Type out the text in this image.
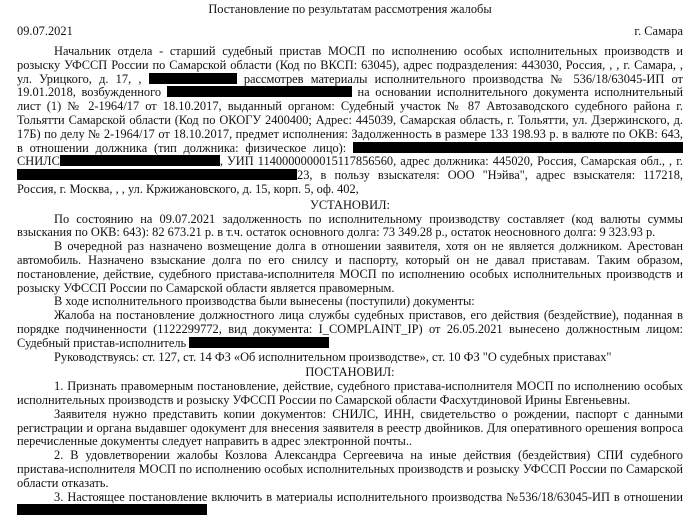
Постановление по результатам рассмотрения жалобы
09.07.2021	г. Самара

Начальник отдела - старший судебный пристав МОСП по исполнению особых исполнительных производств и розыску УФССП России по Самарской области (Код по ВКСП: 63045), адрес подразделения: 443030, Россия, , , г. Самара, , ул. Урицкого, д. 17, ,	рассмотрев материалы исполнительного производства № 536/18/63045-ИП от 19.01.2018, возбужденного	на основании исполнительного документа исполнительный лист (1) № 2-1964/17 от 18.10.2017, выданный органом: Судебный участок № 87 Автозаводского судебного района г. Тольятти Самарской области (Код по ОКОГУ 2400400; Адрес: 445039, Самарская область, г. Тольятти, ул. Дзержинского, д. 17Б) по делу № 2-1964/17 от 18.10.2017, предмет исполнения: Задолженность в размере 133 198.93 р. в валюте по ОКВ: 643, в отношении должника (тип должника: физическое лицо):  СНИЛС	, УИП 1140000000015117856560, адрес должника: 445020, Россия, Самарская обл., , г. 23, в пользу взыскателя: ООО "Нэйва", адрес взыскателя: 117218, Россия, г. Москва, , , ул. Кржижановского, д. 15, корп. 5, оф. 402,

УСТАНОВИЛ:

По состоянию на 09.07.2021 задолженность по исполнительному производству составляет (код валюты суммы взыскания по ОКВ: 643): 82 673.21 р. в т.ч. остаток основного долга: 73 349.28 р., остаток неосновного долга: 9 323.93 р.

В очередной раз назначено возмещение долга в отношении заявителя, хотя он не является должником. Арестован автомобиль. Назначено взыскание долга по его снилсу и паспорту, который он не давал приставам. Таким образом, постановление, действие, судебного пристава-исполнителя МОСП по исполнению особых исполнительных производств и розыску УФССП России по Самарской области является правомерным.

В ходе исполнительного производства были вынесены (поступили) документы:

Жалоба на постановление должностного лица службы судебных приставов, его действия (бездействие), поданная в порядке подчиненности (1122299772, вид документа: I_COMPLAINT_IP) от 26.05.2021 вынесено должностным лицом: Судебный пристав-исполнитель

Руководствуясь: ст. 127, ст. 14 ФЗ «Об исполнительном производстве», ст. 10 ФЗ "О судебных приставах"

ПОСТАНОВИЛ:

1. Признать правомерным постановление, действие, судебного пристава-исполнителя МОСП по исполнению особых исполнительных производств и розыску УФССП России по Самарской области Фасхутдиновой Ирины Евгеньевны.

Заявителя нужно представить копии документов: СНИЛС, ИНН, свидетельство о рождении, паспорт с данными регистрации и органа выдавшег одокумент для внесения заявителя в реестр двойников. Для оперативного орешения вопроса перечисленные документы следует направить в адрес электронной почты..

2. В удовлетворении жалобы Козлова Александра Сергеевича на иные действия (бездействия) СПИ судебного пристава-исполнителя МОСП по исполнению особых исполнительных производств и розыску УФССП России по Самарской области отказать.

3. Настоящее постановление включить в материалы исполнительного производства №536/18/63045-ИП в отношении
